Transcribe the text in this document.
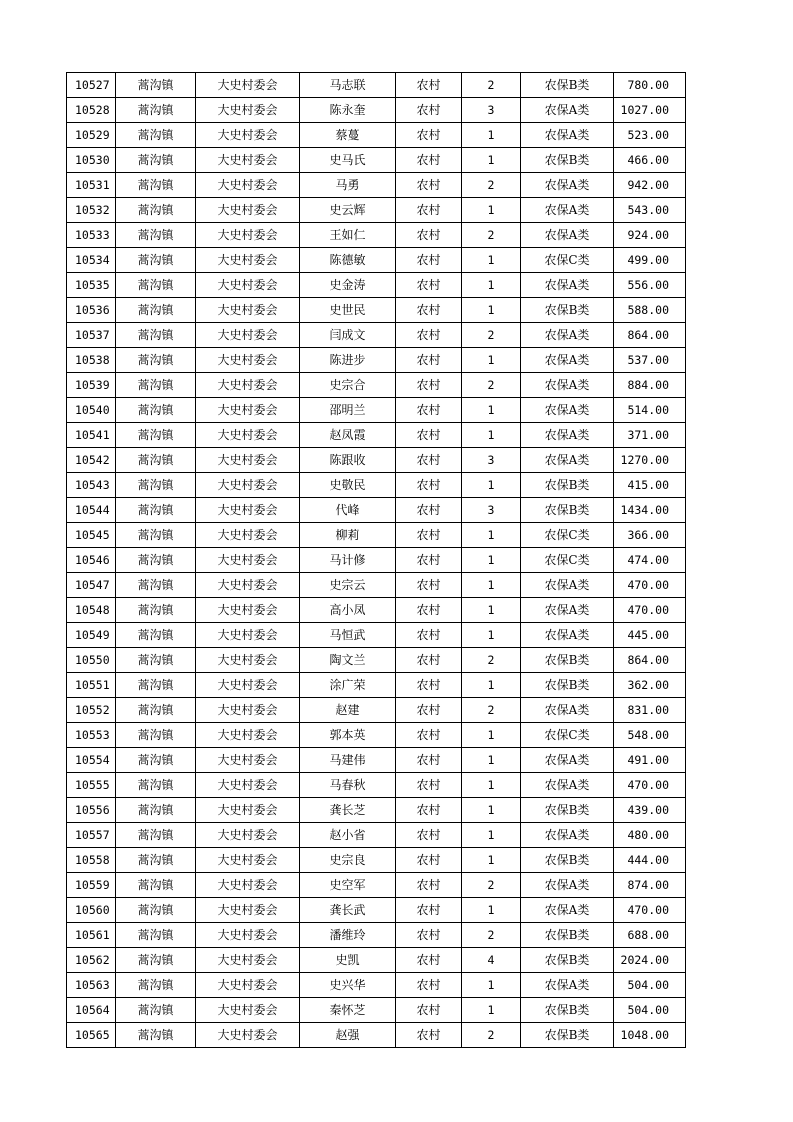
10527	蒿沟镇	大史村委会	马志联	农村	2	农保B类	780.00
10528	蒿沟镇	大史村委会	陈永奎	农村	3	农保A类	1027.00
10529	蒿沟镇	大史村委会	蔡蔓	农村	1	农保A类	523.00
10530	蒿沟镇	大史村委会	史马氏	农村	1	农保B类	466.00
10531	蒿沟镇	大史村委会	马勇	农村	2	农保A类	942.00
10532	蒿沟镇	大史村委会	史云辉	农村	1	农保A类	543.00
10533	蒿沟镇	大史村委会	王如仁	农村	2	农保A类	924.00
10534	蒿沟镇	大史村委会	陈德敏	农村	1	农保C类	499.00
10535	蒿沟镇	大史村委会	史金涛	农村	1	农保A类	556.00
10536	蒿沟镇	大史村委会	史世民	农村	1	农保B类	588.00
10537	蒿沟镇	大史村委会	闫成文	农村	2	农保A类	864.00
10538	蒿沟镇	大史村委会	陈进步	农村	1	农保A类	537.00
10539	蒿沟镇	大史村委会	史宗合	农村	2	农保A类	884.00
10540	蒿沟镇	大史村委会	邵明兰	农村	1	农保A类	514.00
10541	蒿沟镇	大史村委会	赵凤霞	农村	1	农保A类	371.00
10542	蒿沟镇	大史村委会	陈跟收	农村	3	农保A类	1270.00
10543	蒿沟镇	大史村委会	史敬民	农村	1	农保B类	415.00
10544	蒿沟镇	大史村委会	代峰	农村	3	农保B类	1434.00
10545	蒿沟镇	大史村委会	柳莉	农村	1	农保C类	366.00
10546	蒿沟镇	大史村委会	马计修	农村	1	农保C类	474.00
10547	蒿沟镇	大史村委会	史宗云	农村	1	农保A类	470.00
10548	蒿沟镇	大史村委会	高小凤	农村	1	农保A类	470.00
10549	蒿沟镇	大史村委会	马恒武	农村	1	农保A类	445.00
10550	蒿沟镇	大史村委会	陶文兰	农村	2	农保B类	864.00
10551	蒿沟镇	大史村委会	涂广荣	农村	1	农保B类	362.00
10552	蒿沟镇	大史村委会	赵建	农村	2	农保A类	831.00
10553	蒿沟镇	大史村委会	郭本英	农村	1	农保C类	548.00
10554	蒿沟镇	大史村委会	马建伟	农村	1	农保A类	491.00
10555	蒿沟镇	大史村委会	马春秋	农村	1	农保A类	470.00
10556	蒿沟镇	大史村委会	龚长芝	农村	1	农保B类	439.00
10557	蒿沟镇	大史村委会	赵小省	农村	1	农保A类	480.00
10558	蒿沟镇	大史村委会	史宗良	农村	1	农保B类	444.00
10559	蒿沟镇	大史村委会	史空军	农村	2	农保A类	874.00
10560	蒿沟镇	大史村委会	龚长武	农村	1	农保A类	470.00
10561	蒿沟镇	大史村委会	潘维玲	农村	2	农保B类	688.00
10562	蒿沟镇	大史村委会	史凯	农村	4	农保B类	2024.00
10563	蒿沟镇	大史村委会	史兴华	农村	1	农保A类	504.00
10564	蒿沟镇	大史村委会	秦怀芝	农村	1	农保B类	504.00
10565	蒿沟镇	大史村委会	赵强	农村	2	农保B类	1048.00
